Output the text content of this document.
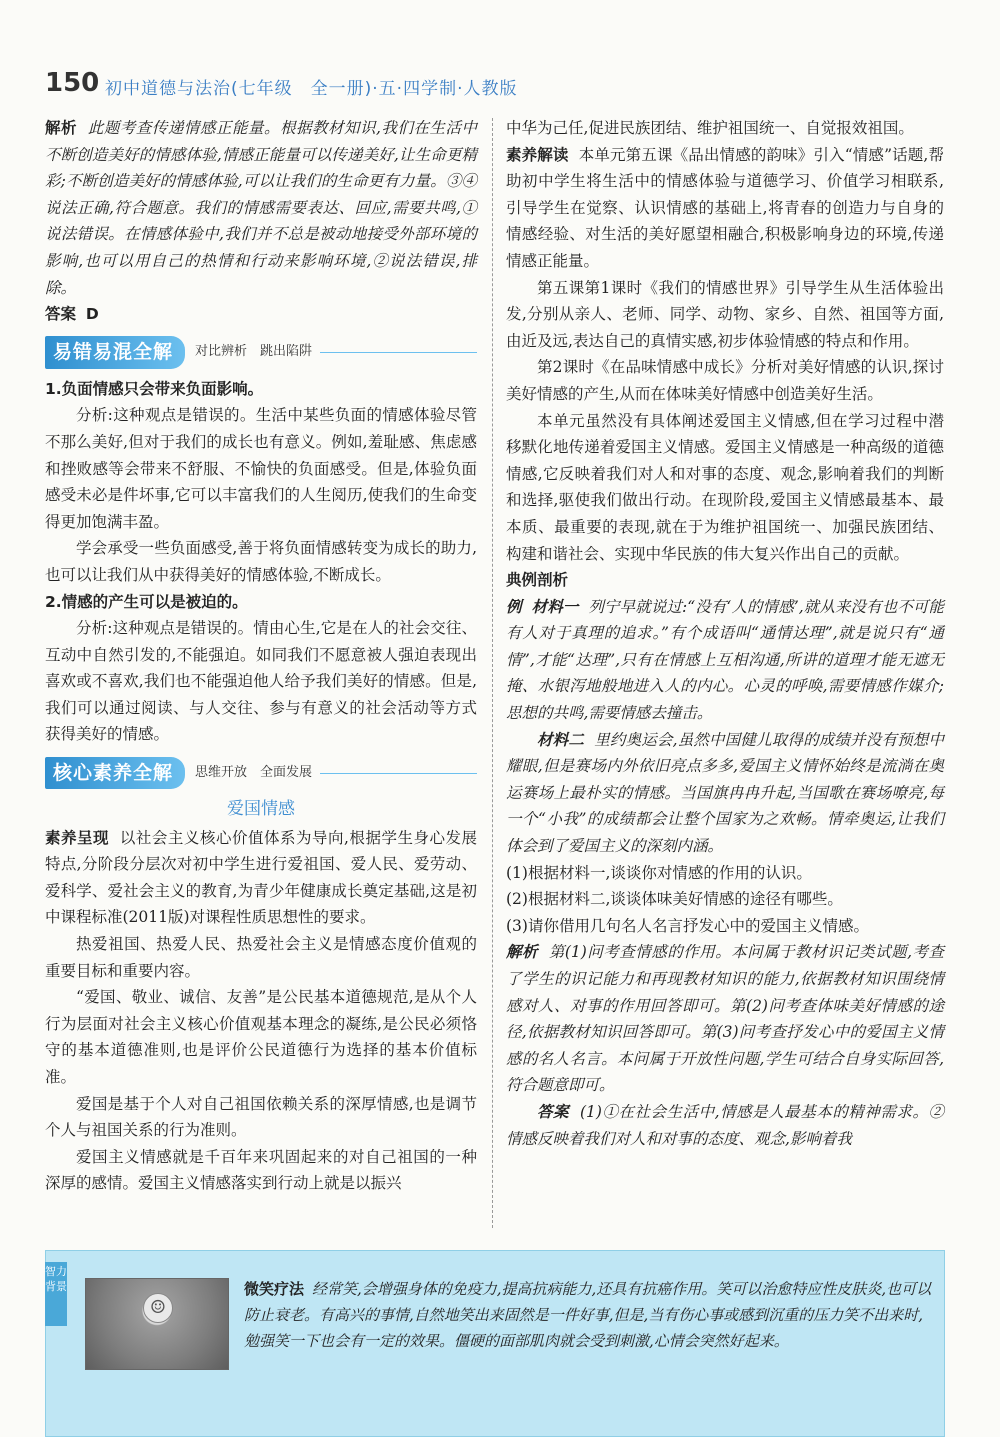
150 初中道德与法治(七年级　全一册)·五·四学制·人教版

解析 此题考查传递情感正能量。根据教材知识,我们在生活中不断创造美好的情感体验,情感正能量可以传递美好,让生命更精彩;不断创造美好的情感体验,可以让我们的生命更有力量。③④说法正确,符合题意。我们的情感需要表达、回应,需要共鸣,①说法错误。在情感体验中,我们并不总是被动地接受外部环境的影响,也可以用自己的热情和行动来影响环境,②说法错误,排除。

答案 D

易错易混全解	对比辨析　跳出陷阱

1.负面情感只会带来负面影响。

分析:这种观点是错误的。生活中某些负面的情感体验尽管不那么美好,但对于我们的成长也有意义。例如,羞耻感、焦虑感和挫败感等会带来不舒服、不愉快的负面感受。但是,体验负面感受未必是件坏事,它可以丰富我们的人生阅历,使我们的生命变得更加饱满丰盈。

学会承受一些负面感受,善于将负面情感转变为成长的助力,也可以让我们从中获得美好的情感体验,不断成长。

2.情感的产生可以是被迫的。

分析:这种观点是错误的。情由心生,它是在人的社会交往、互动中自然引发的,不能强迫。如同我们不愿意被人强迫表现出喜欢或不喜欢,我们也不能强迫他人给予我们美好的情感。但是,我们可以通过阅读、与人交往、参与有意义的社会活动等方式获得美好的情感。

核心素养全解	思维开放　全面发展
爱国情感

素养呈现 以社会主义核心价值体系为导向,根据学生身心发展特点,分阶段分层次对初中学生进行爱祖国、爱人民、爱劳动、爱科学、爱社会主义的教育,为青少年健康成长奠定基础,这是初中课程标准(2011版)对课程性质思想性的要求。

热爱祖国、热爱人民、热爱社会主义是情感态度价值观的重要目标和重要内容。

“爱国、敬业、诚信、友善”是公民基本道德规范,是从个人行为层面对社会主义核心价值观基本理念的凝练,是公民必须恪守的基本道德准则,也是评价公民道德行为选择的基本价值标准。

爱国是基于个人对自己祖国依赖关系的深厚情感,也是调节个人与祖国关系的行为准则。

爱国主义情感就是千百年来巩固起来的对自己祖国的一种深厚的感情。爱国主义情感落实到行动上就是以振兴

中华为己任,促进民族团结、维护祖国统一、自觉报效祖国。

素养解读 本单元第五课《品出情感的韵味》引入“情感”话题,帮助初中学生将生活中的情感体验与道德学习、价值学习相联系,引导学生在觉察、认识情感的基础上,将青春的创造力与自身的情感经验、对生活的美好愿望相融合,积极影响身边的环境,传递情感正能量。

第五课第1课时《我们的情感世界》引导学生从生活体验出发,分别从亲人、老师、同学、动物、家乡、自然、祖国等方面,由近及远,表达自己的真情实感,初步体验情感的特点和作用。

第2课时《在品味情感中成长》分析对美好情感的认识,探讨美好情感的产生,从而在体味美好情感中创造美好生活。

本单元虽然没有具体阐述爱国主义情感,但在学习过程中潜移默化地传递着爱国主义情感。爱国主义情感是一种高级的道德情感,它反映着我们对人和对事的态度、观念,影响着我们的判断和选择,驱使我们做出行动。在现阶段,爱国主义情感最基本、最本质、最重要的表现,就在于为维护祖国统一、加强民族团结、构建和谐社会、实现中华民族的伟大复兴作出自己的贡献。

典例剖析

例 材料一 列宁早就说过:“没有‘人的情感’,就从来没有也不可能有人对于真理的追求。”有个成语叫“通情达理”,就是说只有“通情”,才能“达理”,只有在情感上互相沟通,所讲的道理才能无遮无掩、水银泻地般地进入人的内心。心灵的呼唤,需要情感作媒介;思想的共鸣,需要情感去撞击。

材料二 里约奥运会,虽然中国健儿取得的成绩并没有预想中耀眼,但是赛场内外依旧亮点多多,爱国主义情怀始终是流淌在奥运赛场上最朴实的情感。当国旗冉冉升起,当国歌在赛场嘹亮,每一个“小我”的成绩都会让整个国家为之欢畅。情牵奥运,让我们体会到了爱国主义的深刻内涵。

(1)根据材料一,谈谈你对情感的作用的认识。

(2)根据材料二,谈谈体味美好情感的途径有哪些。

(3)请你借用几句名人名言抒发心中的爱国主义情感。

解析 第(1)问考查情感的作用。本问属于教材识记类试题,考查了学生的识记能力和再现教材知识的能力,依据教材知识围绕情感对人、对事的作用回答即可。第(2)问考查体味美好情感的途径,依据教材知识回答即可。第(3)问考查抒发心中的爱国主义情感的名人名言。本问属于开放性问题,学生可结合自身实际回答,符合题意即可。

答案 (1)①在社会生活中,情感是人最基本的精神需求。②情感反映着我们对人和对事的态度、观念,影响着我

智力背景
☺
微笑疗法 经常笑,会增强身体的免疫力,提高抗病能力,还具有抗癌作用。笑可以治愈特应性皮肤炎,也可以防止衰老。有高兴的事情,自然地笑出来固然是一件好事,但是,当有伤心事或感到沉重的压力笑不出来时,勉强笑一下也会有一定的效果。僵硬的面部肌肉就会受到刺激,心情会突然好起来。
